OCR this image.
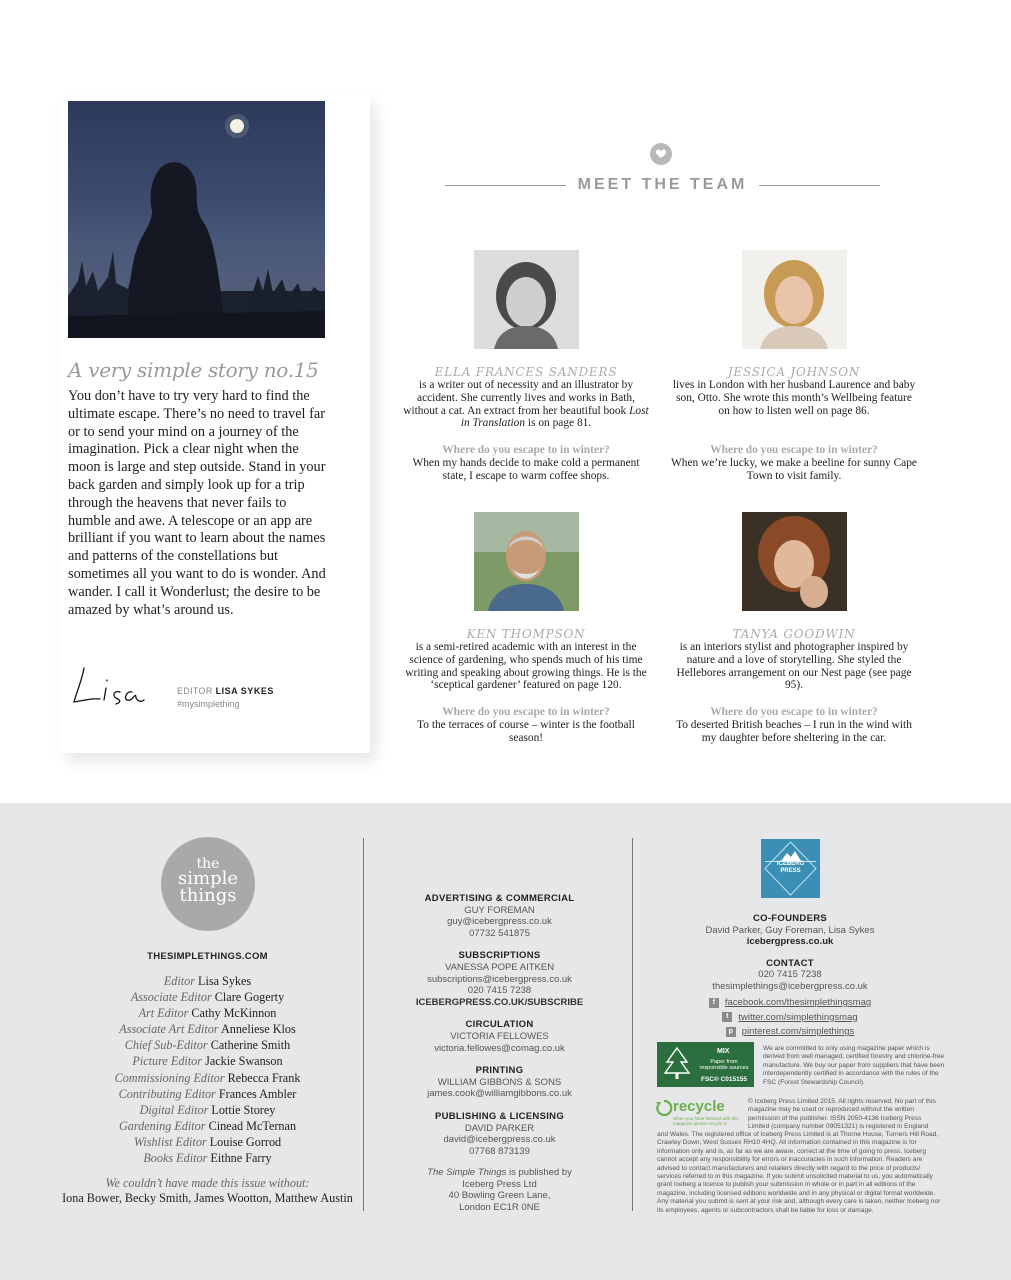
A very simple story no.15
You don’t have to try very hard to find the ultimate escape. There’s no need to travel far or to send your mind on a journey of the imagination. Pick a clear night when the moon is large and step outside. Stand in your back garden and simply look up for a trip through the heavens that never fails to humble and awe. A telescope or an app are brilliant if you want to learn about the names and patterns of the constellations but sometimes all you want to do is wonder. And wander. I call it Wonderlust; the desire to be amazed by what’s around us.
EDITOR LISA SYKES
#mysimplething
MEET THE TEAM
ELLA FRANCES SANDERS
is a writer out of necessity and an illustrator by accident. She currently lives and works in Bath, without a cat. An extract from her beautiful book Lost in Translation is on page 81.
Where do you escape to in winter?
When my hands decide to make cold a permanent state, I escape to warm coffee shops.
JESSICA JOHNSON
lives in London with her husband Laurence and baby son, Otto. She wrote this month’s Wellbeing feature on how to listen well on page 86.
Where do you escape to in winter?
When we’re lucky, we make a beeline for sunny Cape Town to visit family.
KEN THOMPSON
is a semi-retired academic with an interest in the science of gardening, who spends much of his time writing and speaking about growing things. He is the ‘sceptical gardener’ featured on page 120.
Where do you escape to in winter?
To the terraces of course – winter is the football season!
TANYA GOODWIN
is an interiors stylist and photographer inspired by nature and a love of storytelling. She styled the Hellebores arrangement on our Nest page (see page 95).
Where do you escape to in winter?
To deserted British beaches – I run in the wind with my daughter before sheltering in the car.
the
simple
things
THESIMPLETHINGS.COM
Editor Lisa Sykes
Associate Editor Clare Gogerty
Art Editor Cathy McKinnon
Associate Art Editor Anneliese Klos
Chief Sub-Editor Catherine Smith
Picture Editor Jackie Swanson
Commissioning Editor Rebecca Frank
Contributing Editor Frances Ambler
Digital Editor Lottie Storey
Gardening Editor Cinead McTernan
Wishlist Editor Louise Gorrod
Books Editor Eithne Farry
We couldn’t have made this issue without:
Iona Bower, Becky Smith, James Wootton, Matthew Austin
ADVERTISING & COMMERCIAL
GUY FOREMAN
guy@icebergpress.co.uk
07732 541875
SUBSCRIPTIONS
VANESSA POPE AITKEN
subscriptions@icebergpress.co.uk
020 7415 7238
ICEBERGPRESS.CO.UK/SUBSCRIBE
CIRCULATION
VICTORIA FELLOWES
victoria.fellowes@comag.co.uk
PRINTING
WILLIAM GIBBONS & SONS
james.cook@williamgibbons.co.uk
PUBLISHING & LICENSING
DAVID PARKER
david@icebergpress.co.uk
07768 873139
The Simple Things is published by
Iceberg Press Ltd
40 Bowling Green Lane,
London EC1R 0NE
ICEBERG
PRESS
CO-FOUNDERS
David Parker, Guy Foreman, Lisa Sykes
icebergpress.co.uk
CONTACT
020 7415 7238
thesimplethings@icebergpress.co.uk
f	facebook.com/thesimplethingsmag
t	twitter.com/simplethingsmag
p pinterest.com/simplethings
MIX
Paper from responsible sources
FSC® C015155
We are committed to only using magazine paper which is derived from well managed, certified forestry and chlorine-free manufacture. We buy our paper from suppliers that have been interdependently certified in accordance with the rules of the FSC (Forest Stewardship Council).
recycle
When you have finished with this magazine please recycle it.
© Iceberg Press Limited 2015. All rights reserved. No part of this magazine may be used or reproduced without the written permission of the publisher. ISSN 2050-4136 Iceberg Press Limited (company number 09051321) is registered in England
and Wales. The registered office of Iceberg Press Limited is at Thorne House, Turners Hill Road, Crawley Down, West Sussex RH10 4HQ. All information contained in this magazine is for information only and is, as far as we are aware, correct at the time of going to press. Iceberg cannot accept any responsibility for errors or inaccuracies in such information. Readers are advised to contact manufacturers and retailers directly with regard to the price of products/ services referred to in this magazine. If you submit unsolicited material to us, you automatically grant Iceberg a licence to publish your submission in whole or in part in all editions of the magazine, including licensed editions worldwide and in any physical or digital format worldwide. Any material you submit is sent at your risk and, although every care is taken, neither Iceberg nor its employees, agents or subcontractors shall be liable for loss or damage.
